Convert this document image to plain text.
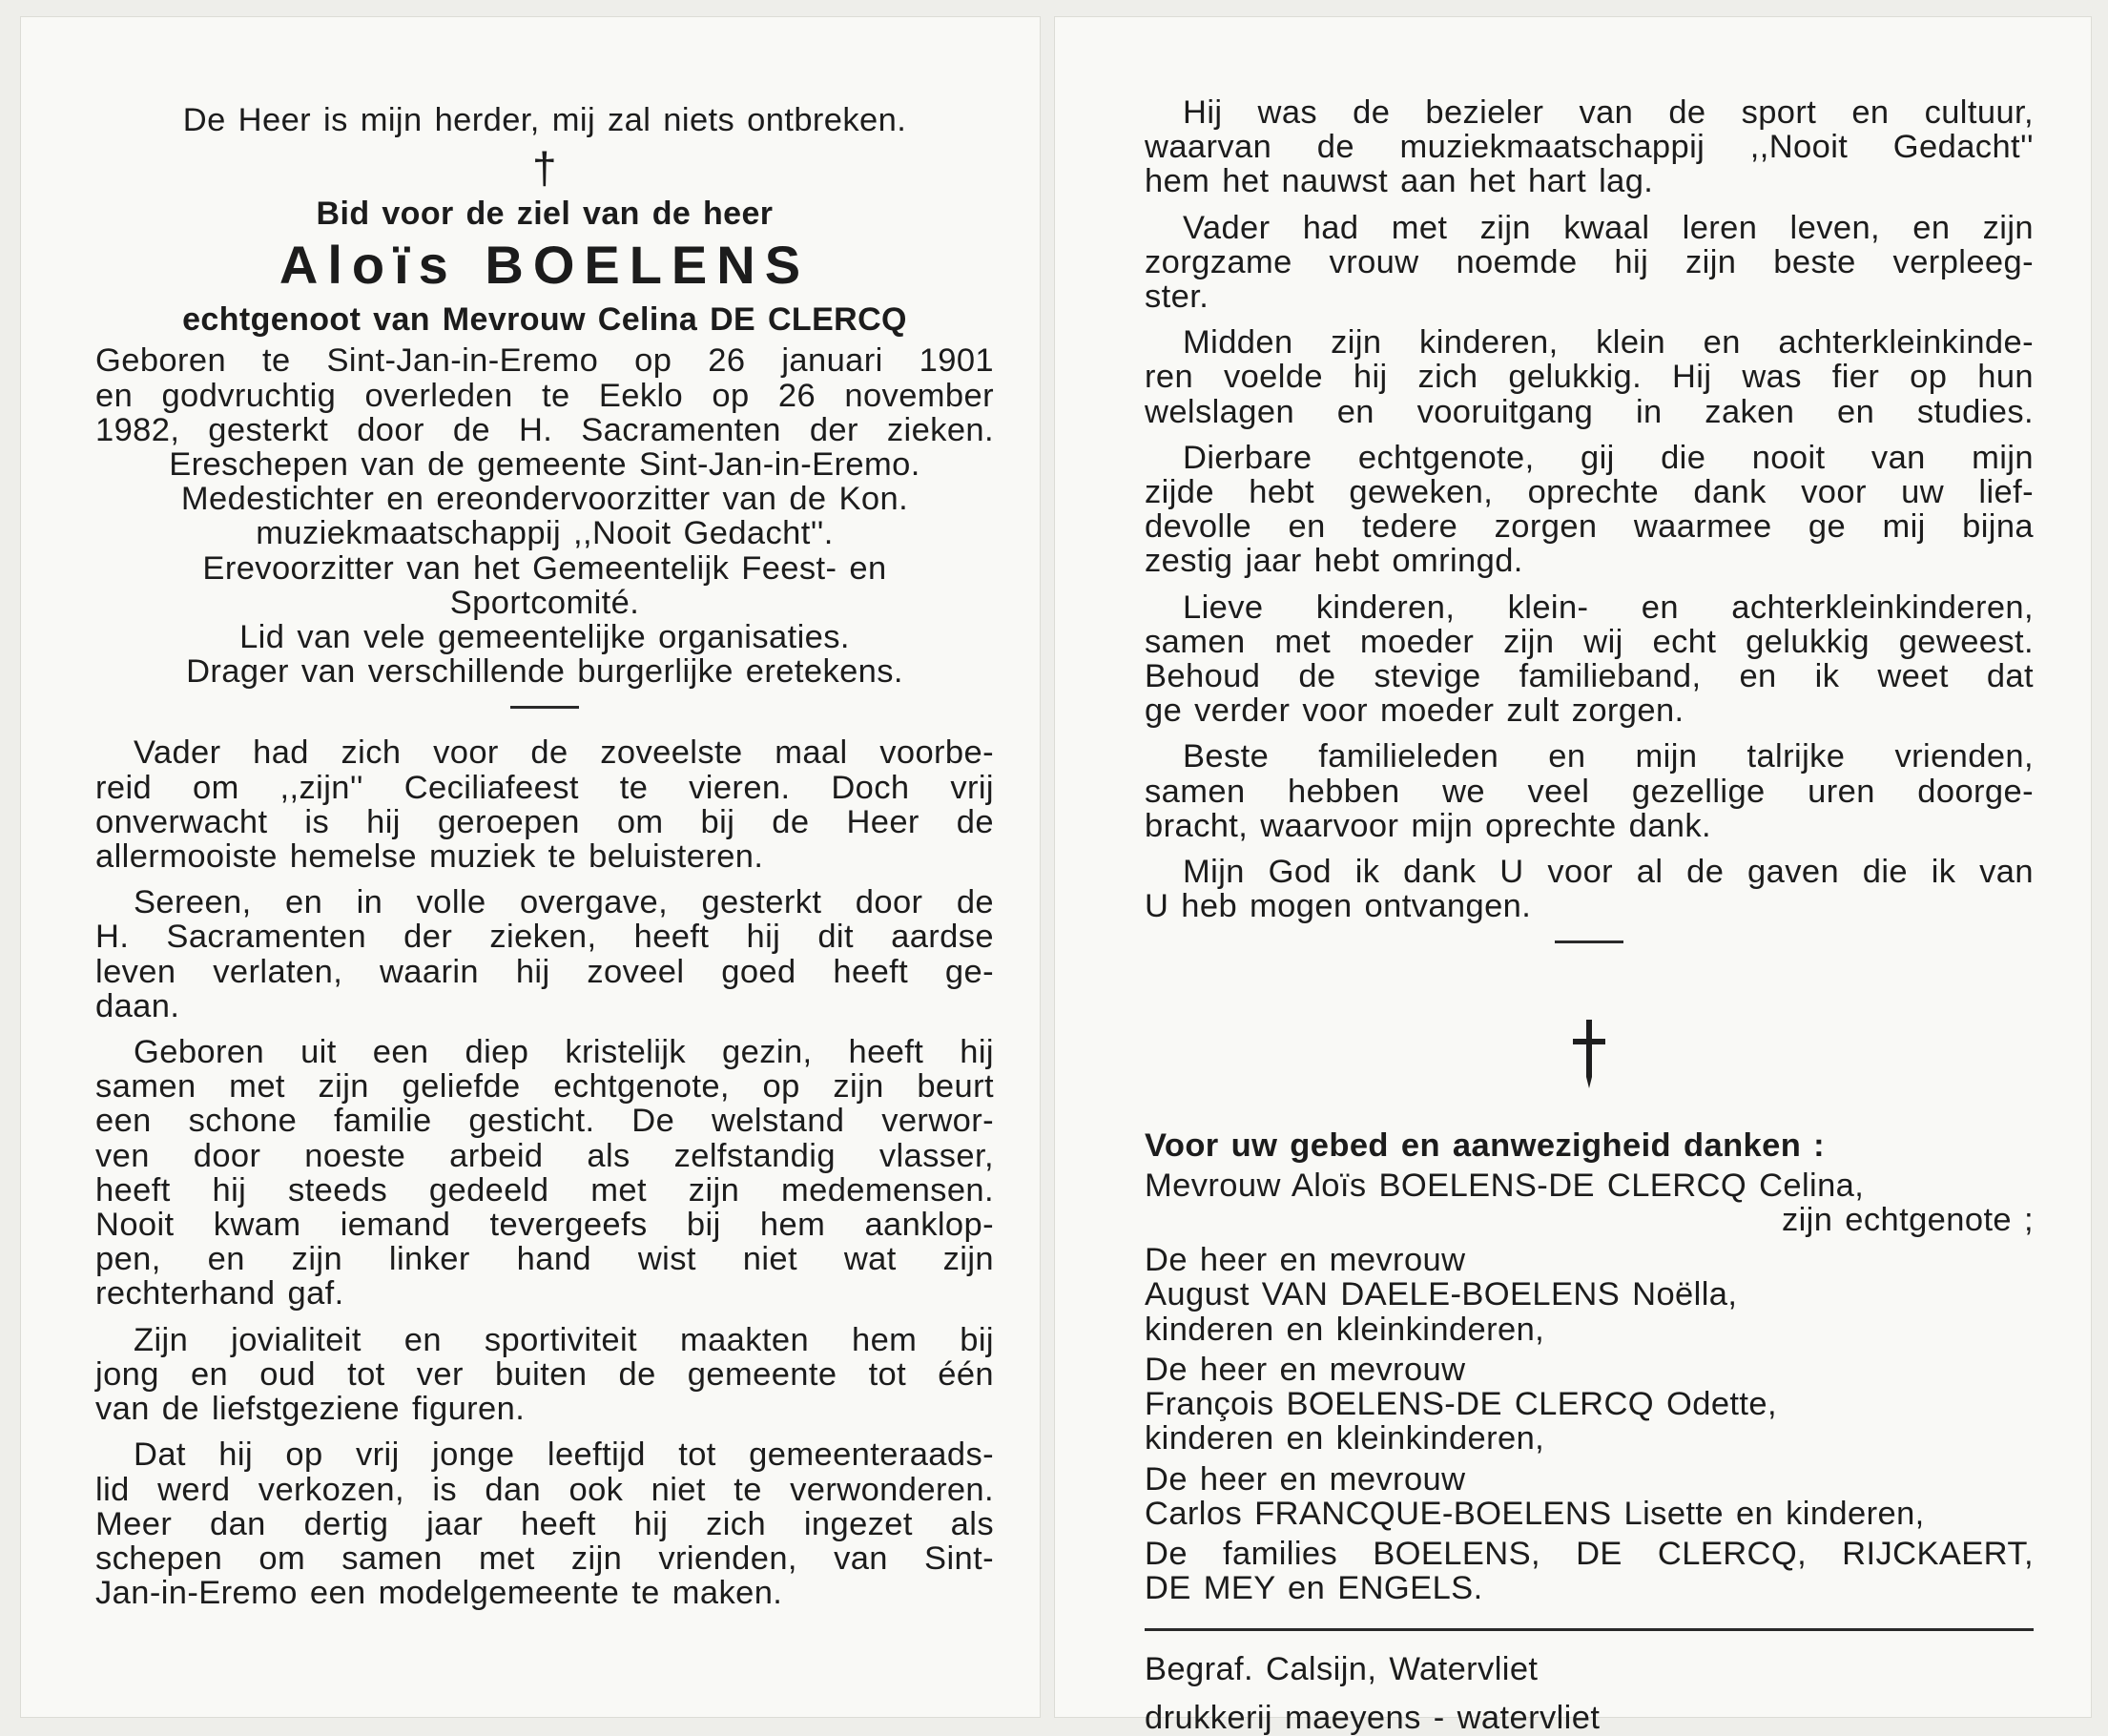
De Heer is mijn herder, mij zal niets ontbreken.

†

Bid voor de ziel van de heer

Aloïs BOELENS

echtgenoot van Mevrouw Celina DE CLERCQ

Geboren te Sint-Jan-in-Eremo op 26 januari 1901

en godvruchtig overleden te Eeklo op 26 november

1982, gesterkt door de H. Sacramenten der zieken.

Ereschepen van de gemeente Sint-Jan-in-Eremo.

Medestichter en ereondervoorzitter van de Kon.

muziekmaatschappij ,,Nooit Gedacht''.

Erevoorzitter van het Gemeentelijk Feest- en

Sportcomité.

Lid van vele gemeentelijke organisaties.

Drager van verschillende burgerlijke eretekens.

Vader had zich voor de zoveelste maal voorbe-

reid om ,,zijn'' Ceciliafeest te vieren. Doch vrij

onverwacht is hij geroepen om bij de Heer de

allermooiste hemelse muziek te beluisteren.

Sereen, en in volle overgave, gesterkt door de

H. Sacramenten der zieken, heeft hij dit aardse

leven verlaten, waarin hij zoveel goed heeft ge-

daan.

Geboren uit een diep kristelijk gezin, heeft hij

samen met zijn geliefde echtgenote, op zijn beurt

een schone familie gesticht. De welstand verwor-

ven door noeste arbeid als zelfstandig vlasser,

heeft hij steeds gedeeld met zijn medemensen.

Nooit kwam iemand tevergeefs bij hem aanklop-

pen, en zijn linker hand wist niet wat zijn

rechterhand gaf.

Zijn jovialiteit en sportiviteit maakten hem bij

jong en oud tot ver buiten de gemeente tot één

van de liefstgeziene figuren.

Dat hij op vrij jonge leeftijd tot gemeenteraads-

lid werd verkozen, is dan ook niet te verwonderen.

Meer dan dertig jaar heeft hij zich ingezet als

schepen om samen met zijn vrienden, van Sint-

Jan-in-Eremo een modelgemeente te maken.

Hij was de bezieler van de sport en cultuur,

waarvan de muziekmaatschappij ,,Nooit Gedacht''

hem het nauwst aan het hart lag.

Vader had met zijn kwaal leren leven, en zijn

zorgzame vrouw noemde hij zijn beste verpleeg-

ster.

Midden zijn kinderen, klein en achterkleinkinde-

ren voelde hij zich gelukkig. Hij was fier op hun

welslagen en vooruitgang in zaken en studies.

Dierbare echtgenote, gij die nooit van mijn

zijde hebt geweken, oprechte dank voor uw lief-

devolle en tedere zorgen waarmee ge mij bijna

zestig jaar hebt omringd.

Lieve kinderen, klein- en achterkleinkinderen,

samen met moeder zijn wij echt gelukkig geweest.

Behoud de stevige familieband, en ik weet dat

ge verder voor moeder zult zorgen.

Beste familieleden en mijn talrijke vrienden,

samen hebben we veel gezellige uren doorge-

bracht, waarvoor mijn oprechte dank.

Mijn God ik dank U voor al de gaven die ik van

U heb mogen ontvangen.

Voor uw gebed en aanwezigheid danken :

Mevrouw Aloïs BOELENS-DE CLERCQ Celina,

zijn echtgenote ;

De heer en mevrouw

August VAN DAELE-BOELENS Noëlla,

kinderen en kleinkinderen,

De heer en mevrouw

François BOELENS-DE CLERCQ Odette,

kinderen en kleinkinderen,

De heer en mevrouw

Carlos FRANCQUE-BOELENS Lisette en kinderen,

De families BOELENS, DE CLERCQ, RIJCKAERT,

DE MEY en ENGELS.

Begraf. Calsijn, Watervliet

drukkerij maeyens - watervliet
